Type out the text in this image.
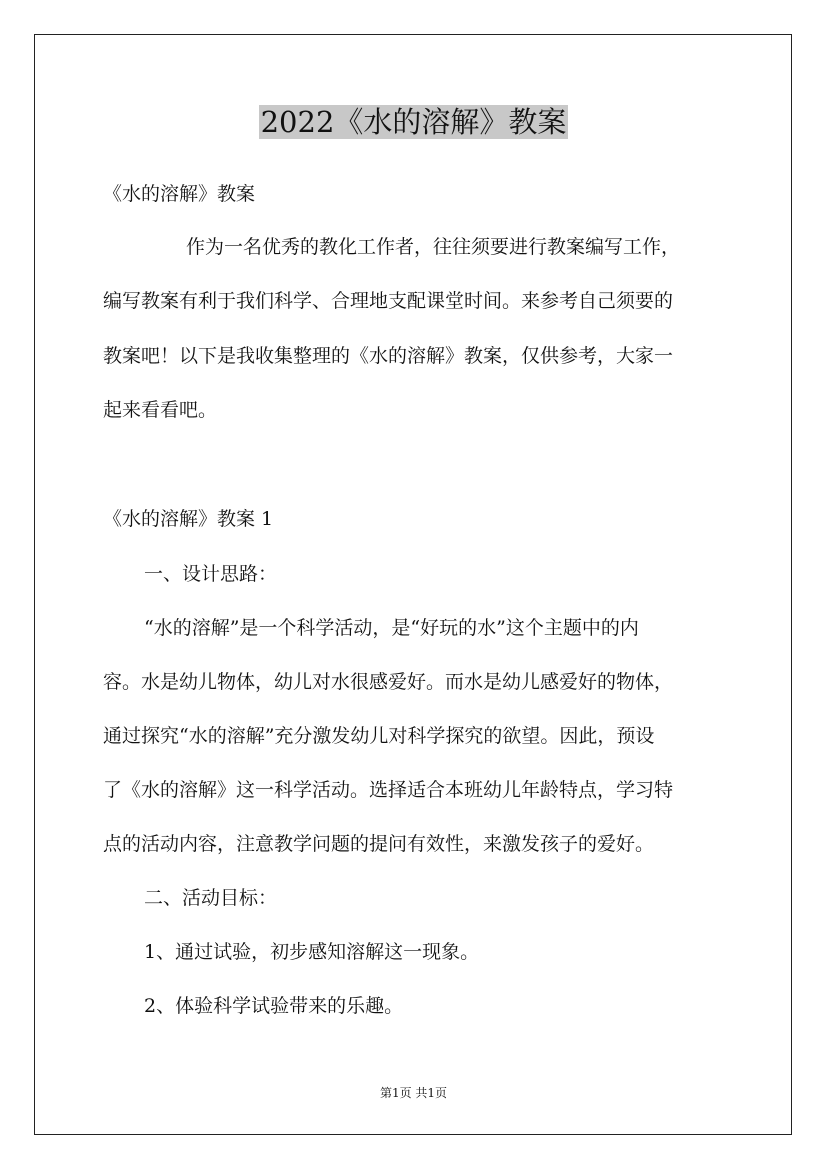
2022《水的溶解》教案
《水的溶解》教案
作为一名优秀的教化工作者，往往须要进行教案编写工作，
编写教案有利于我们科学、合理地支配课堂时间。来参考自己须要的
教案吧！以下是我收集整理的《水的溶解》教案，仅供参考，大家一
起来看看吧。
《水的溶解》教案 1
一、设计思路：
“水的溶解”是一个科学活动，是“好玩的水”这个主题中的内
容。水是幼儿物体，幼儿对水很感爱好。而水是幼儿感爱好的物体，
通过探究“水的溶解”充分激发幼儿对科学探究的欲望。因此，预设
了《水的溶解》这一科学活动。选择适合本班幼儿年龄特点，学习特
点的活动内容，注意教学问题的提问有效性，来激发孩子的爱好。
二、活动目标：
1、通过试验，初步感知溶解这一现象。
2、体验科学试验带来的乐趣。
第1页 共1页
